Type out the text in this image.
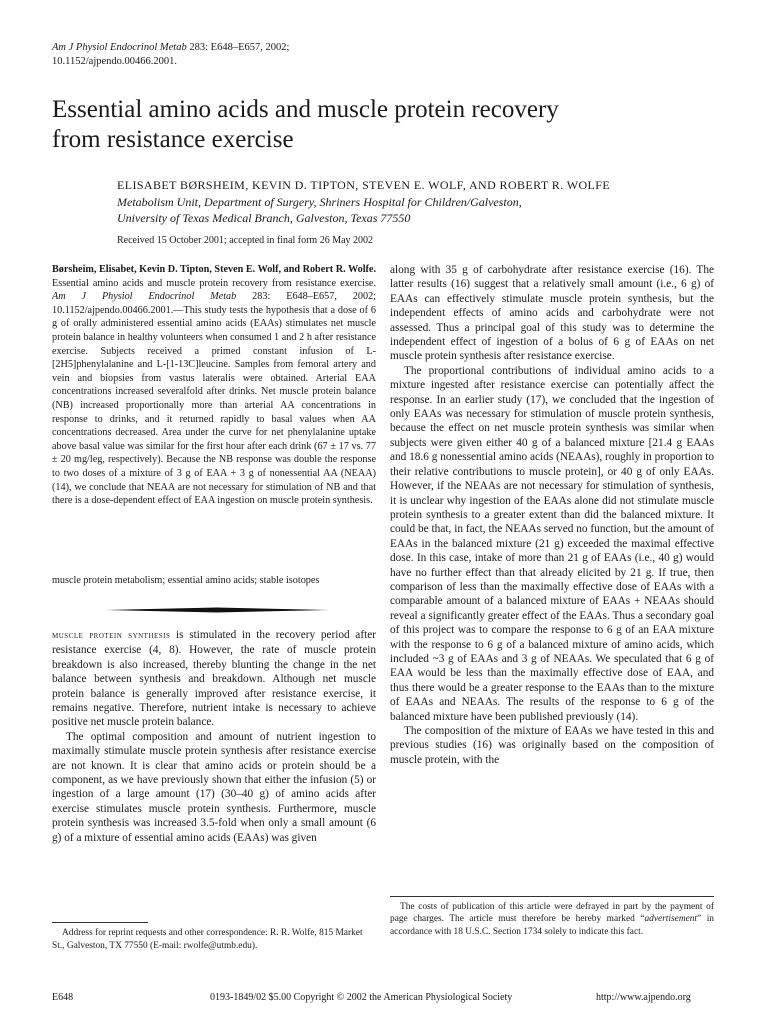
Am J Physiol Endocrinol Metab 283: E648–E657, 2002;
10.1152/ajpendo.00466.2001.
Essential amino acids and muscle protein recovery
from resistance exercise
ELISABET BØRSHEIM, KEVIN D. TIPTON, STEVEN E. WOLF, AND ROBERT R. WOLFE
Metabolism Unit, Department of Surgery, Shriners Hospital for Children/Galveston,
University of Texas Medical Branch, Galveston, Texas 77550
Received 15 October 2001; accepted in final form 26 May 2002
Børsheim, Elisabet, Kevin D. Tipton, Steven E. Wolf, and Robert R. Wolfe. Essential amino acids and muscle protein recovery from resistance exercise. Am J Physiol Endocrinol Metab 283: E648–E657, 2002; 10.1152/ajpendo.00466.2001.—This study tests the hypothesis that a dose of 6 g of orally administered essential amino acids (EAAs) stimulates net muscle protein balance in healthy volunteers when consumed 1 and 2 h after resistance exercise. Subjects received a primed constant infusion of L-[2H5]phenylalanine and L-[1-13C]leucine. Samples from femoral artery and vein and biopsies from vastus lateralis were obtained. Arterial EAA concentrations increased severalfold after drinks. Net muscle protein balance (NB) increased proportionally more than arterial AA concentrations in response to drinks, and it returned rapidly to basal values when AA concentrations decreased. Area under the curve for net phenylalanine uptake above basal value was similar for the first hour after each drink (67 ± 17 vs. 77 ± 20 mg/leg, respectively). Because the NB response was double the response to two doses of a mixture of 3 g of EAA + 3 g of nonessential AA (NEAA) (14), we conclude that NEAA are not necessary for stimulation of NB and that there is a dose-dependent effect of EAA ingestion on muscle protein synthesis.
muscle protein metabolism; essential amino acids; stable isotopes

muscle protein synthesis is stimulated in the recovery period after resistance exercise (4, 8). However, the rate of muscle protein breakdown is also increased, thereby blunting the change in the net balance between synthesis and breakdown. Although net muscle protein balance is generally improved after resistance exercise, it remains negative. Therefore, nutrient intake is necessary to achieve positive net muscle protein balance.

The optimal composition and amount of nutrient ingestion to maximally stimulate muscle protein synthesis after resistance exercise are not known. It is clear that amino acids or protein should be a component, as we have previously shown that either the infusion (5) or ingestion of a large amount (17) (30–40 g) of amino acids after exercise stimulates muscle protein synthesis. Furthermore, muscle protein synthesis was increased 3.5-fold when only a small amount (6 g) of a mixture of essential amino acids (EAAs) was given

along with 35 g of carbohydrate after resistance exercise (16). The latter results (16) suggest that a relatively small amount (i.e., 6 g) of EAAs can effectively stimulate muscle protein synthesis, but the independent effects of amino acids and carbohydrate were not assessed. Thus a principal goal of this study was to determine the independent effect of ingestion of a bolus of 6 g of EAAs on net muscle protein synthesis after resistance exercise.

The proportional contributions of individual amino acids to a mixture ingested after resistance exercise can potentially affect the response. In an earlier study (17), we concluded that the ingestion of only EAAs was necessary for stimulation of muscle protein synthesis, because the effect on net muscle protein synthesis was similar when subjects were given either 40 g of a balanced mixture [21.4 g EAAs and 18.6 g nonessential amino acids (NEAAs), roughly in proportion to their relative contributions to muscle protein], or 40 g of only EAAs. However, if the NEAAs are not necessary for stimulation of synthesis, it is unclear why ingestion of the EAAs alone did not stimulate muscle protein synthesis to a greater extent than did the balanced mixture. It could be that, in fact, the NEAAs served no function, but the amount of EAAs in the balanced mixture (21 g) exceeded the maximal effective dose. In this case, intake of more than 21 g of EAAs (i.e., 40 g) would have no further effect than that already elicited by 21 g. If true, then comparison of less than the maximally effective dose of EAAs with a comparable amount of a balanced mixture of EAAs + NEAAs should reveal a significantly greater effect of the EAAs. Thus a secondary goal of this project was to compare the response to 6 g of an EAA mixture with the response to 6 g of a balanced mixture of amino acids, which included ~3 g of EAAs and 3 g of NEAAs. We speculated that 6 g of EAA would be less than the maximally effective dose of EAA, and thus there would be a greater response to the EAAs than to the mixture of EAAs and NEAAs. The results of the response to 6 g of the balanced mixture have been published previously (14).

The composition of the mixture of EAAs we have tested in this and previous studies (16) was originally based on the composition of muscle protein, with the

Address for reprint requests and other correspondence: R. R. Wolfe, 815 Market St., Galveston, TX 77550 (E-mail: rwolfe@utmb.edu).
The costs of publication of this article were defrayed in part by the payment of page charges. The article must therefore be hereby marked “advertisement” in accordance with 18 U.S.C. Section 1734 solely to indicate this fact.
E648	0193-1849/02 $5.00 Copyright © 2002 the American Physiological Society	http://www.ajpendo.org
